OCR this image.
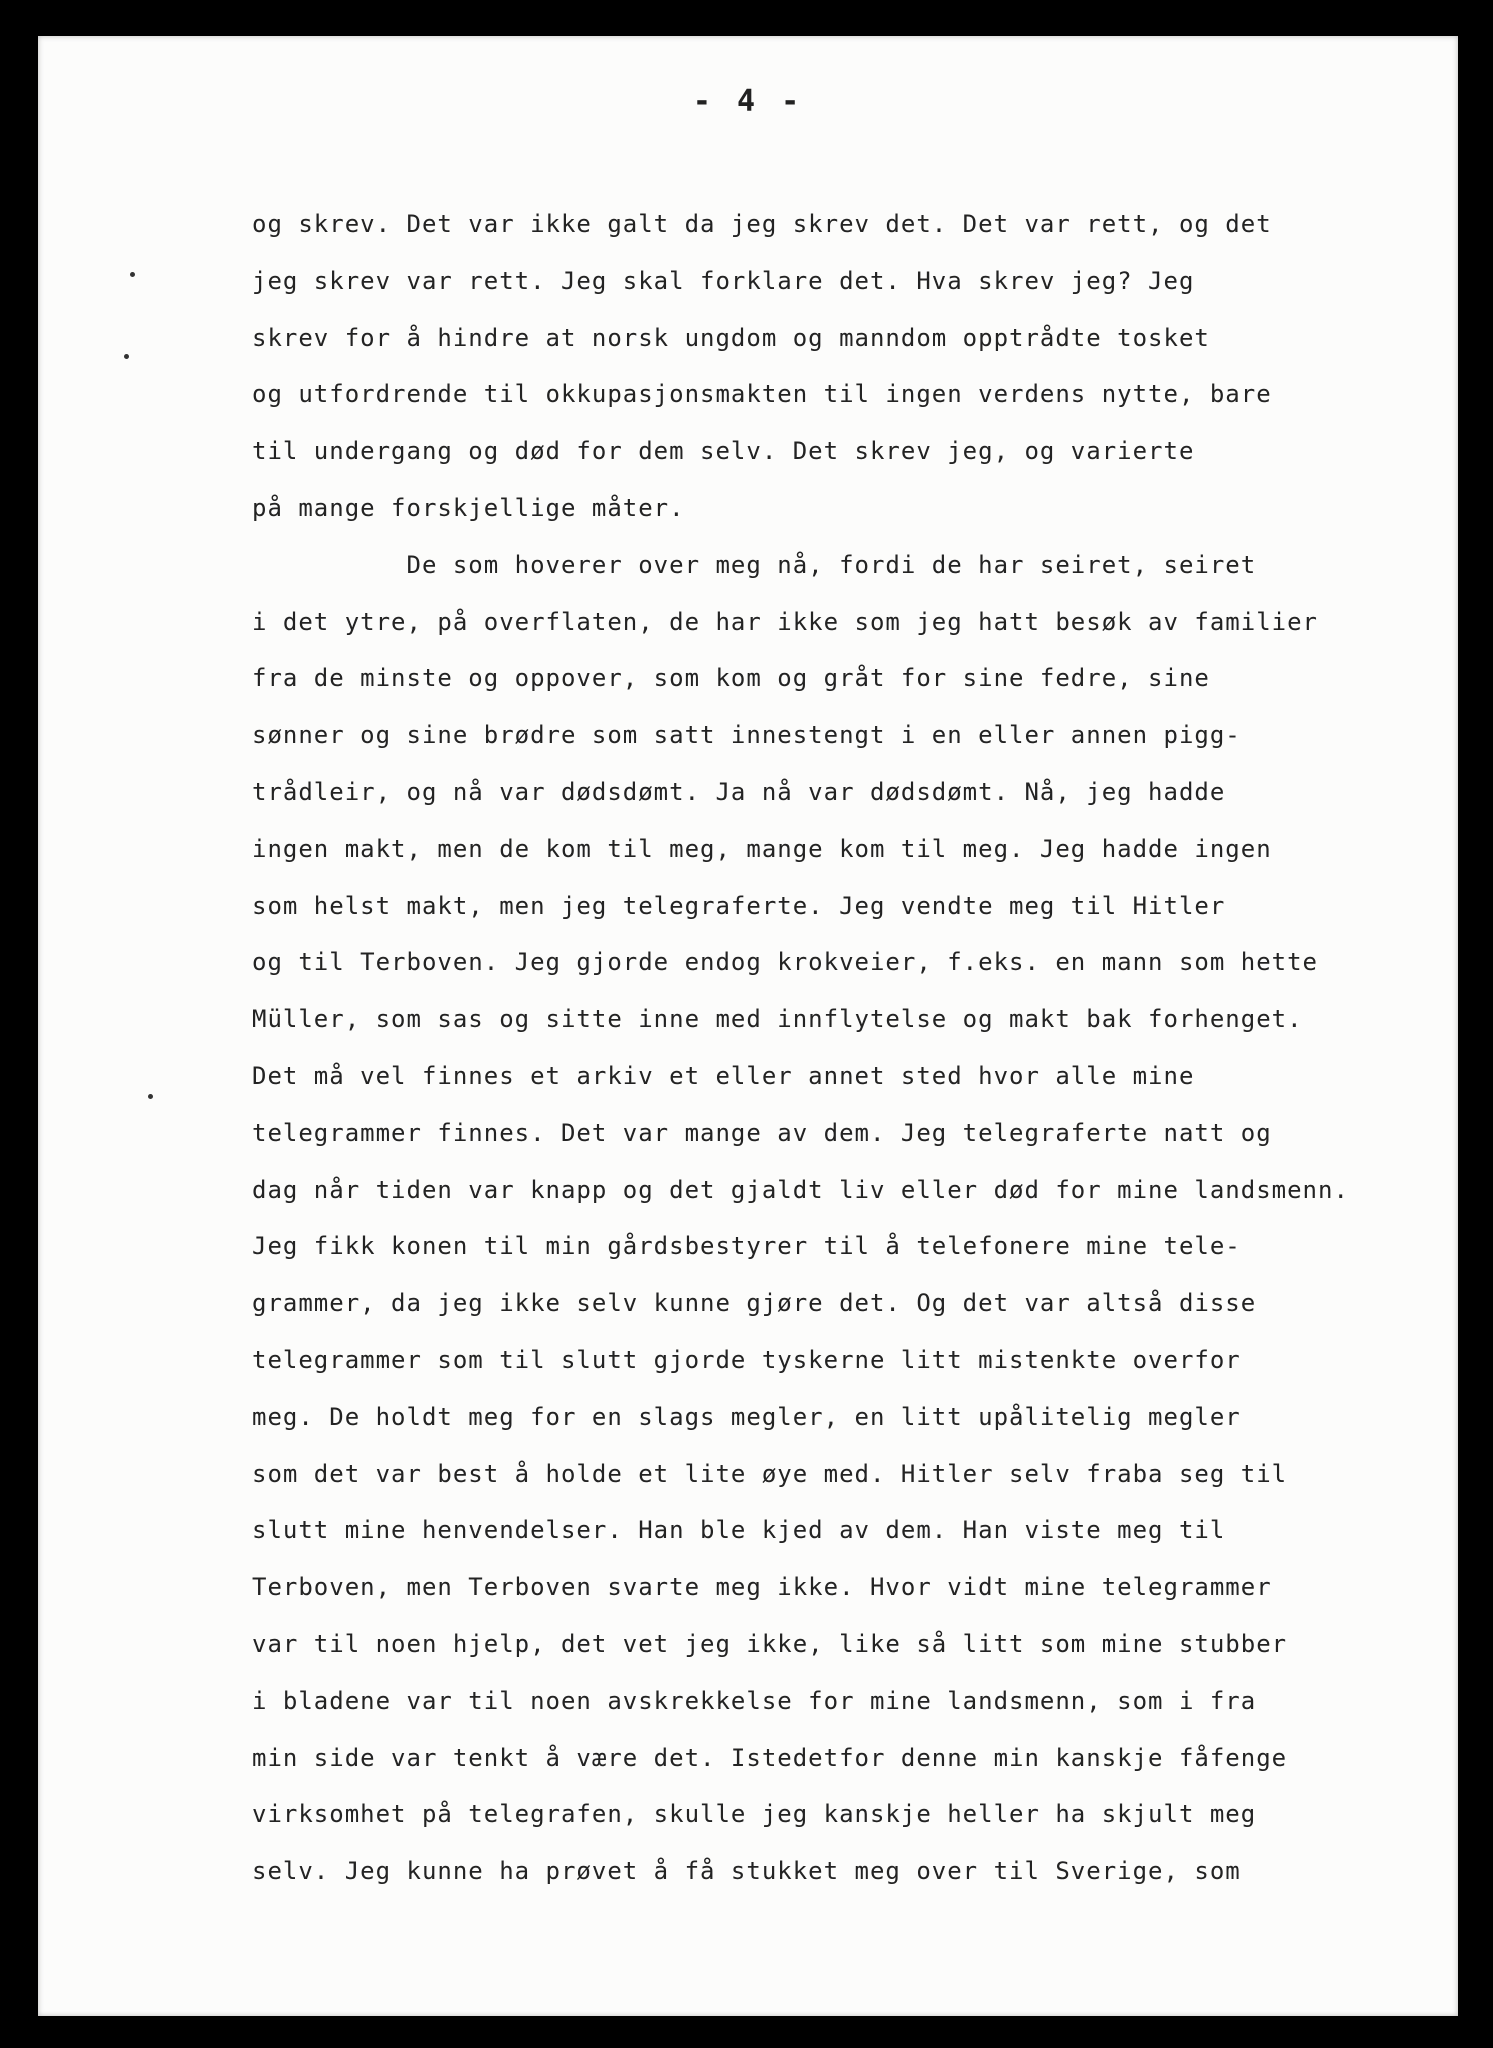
- 4 -
og skrev. Det var ikke galt da jeg skrev det. Det var rett, og det
jeg skrev var rett. Jeg skal forklare det. Hva skrev jeg? Jeg
skrev for å hindre at norsk ungdom og manndom opptrådte tosket
og utfordrende til okkupasjonsmakten til ingen verdens nytte, bare
til undergang og død for dem selv. Det skrev jeg, og varierte
på mange forskjellige måter.
De som hoverer over meg nå, fordi de har seiret, seiret
i det ytre, på overflaten, de har ikke som jeg hatt besøk av familier
fra de minste og oppover, som kom og gråt for sine fedre, sine
sønner og sine brødre som satt innestengt i en eller annen pigg-
trådleir, og nå var dødsdømt. Ja nå var dødsdømt. Nå, jeg hadde
ingen makt, men de kom til meg, mange kom til meg. Jeg hadde ingen
som helst makt, men jeg telegraferte. Jeg vendte meg til Hitler
og til Terboven. Jeg gjorde endog krokveier, f.eks. en mann som hette
Müller, som sas og sitte inne med innflytelse og makt bak forhenget.
Det må vel finnes et arkiv et eller annet sted hvor alle mine
telegrammer finnes. Det var mange av dem. Jeg telegraferte natt og
dag når tiden var knapp og det gjaldt liv eller død for mine landsmenn.
Jeg fikk konen til min gårdsbestyrer til å telefonere mine tele-
grammer, da jeg ikke selv kunne gjøre det. Og det var altså disse
telegrammer som til slutt gjorde tyskerne litt mistenkte overfor
meg. De holdt meg for en slags megler, en litt upålitelig megler
som det var best å holde et lite øye med. Hitler selv fraba seg til
slutt mine henvendelser. Han ble kjed av dem. Han viste meg til
Terboven, men Terboven svarte meg ikke. Hvor vidt mine telegrammer
var til noen hjelp, det vet jeg ikke, like så litt som mine stubber
i bladene var til noen avskrekkelse for mine landsmenn, som i fra
min side var tenkt å være det. Istedetfor denne min kanskje fåfenge
virksomhet på telegrafen, skulle jeg kanskje heller ha skjult meg
selv. Jeg kunne ha prøvet å få stukket meg over til Sverige, som
